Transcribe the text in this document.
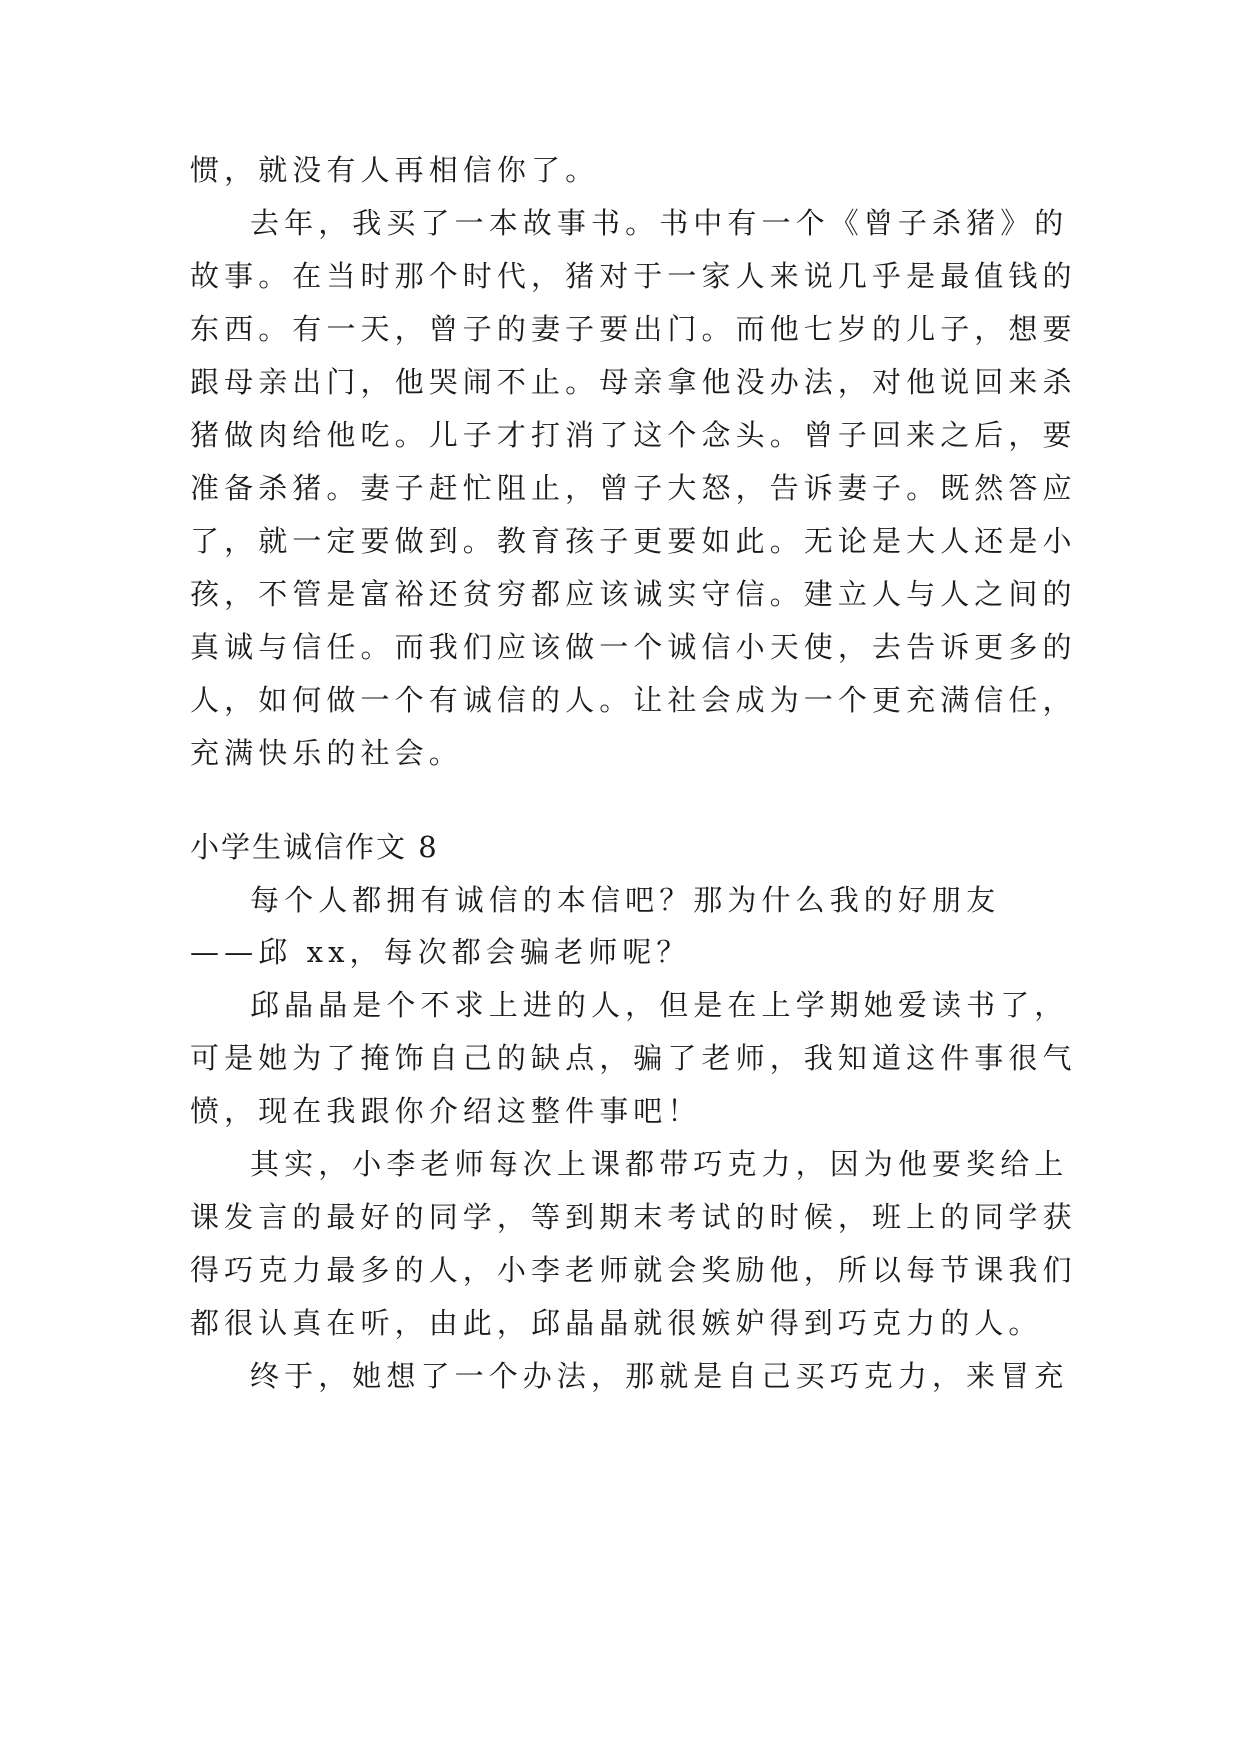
惯，就没有人再相信你了。
去年，我买了一本故事书。书中有一个《曾子杀猪》的
故事。在当时那个时代，猪对于一家人来说几乎是最值钱的
东西。有一天，曾子的妻子要出门。而他七岁的儿子，想要
跟母亲出门，他哭闹不止。母亲拿他没办法，对他说回来杀
猪做肉给他吃。儿子才打消了这个念头。曾子回来之后，要
准备杀猪。妻子赶忙阻止，曾子大怒，告诉妻子。既然答应
了，就一定要做到。教育孩子更要如此。无论是大人还是小
孩，不管是富裕还贫穷都应该诚实守信。建立人与人之间的
真诚与信任。而我们应该做一个诚信小天使，去告诉更多的
人，如何做一个有诚信的人。让社会成为一个更充满信任，
充满快乐的社会。
小学生诚信作文 8
每个人都拥有诚信的本信吧？那为什么我的好朋友
——邱 xx，每次都会骗老师呢？
邱晶晶是个不求上进的人，但是在上学期她爱读书了，
可是她为了掩饰自己的缺点，骗了老师，我知道这件事很气
愤，现在我跟你介绍这整件事吧！
其实，小李老师每次上课都带巧克力，因为他要奖给上
课发言的最好的同学，等到期末考试的时候，班上的同学获
得巧克力最多的人，小李老师就会奖励他，所以每节课我们
都很认真在听，由此，邱晶晶就很嫉妒得到巧克力的人。
终于，她想了一个办法，那就是自己买巧克力，来冒充
